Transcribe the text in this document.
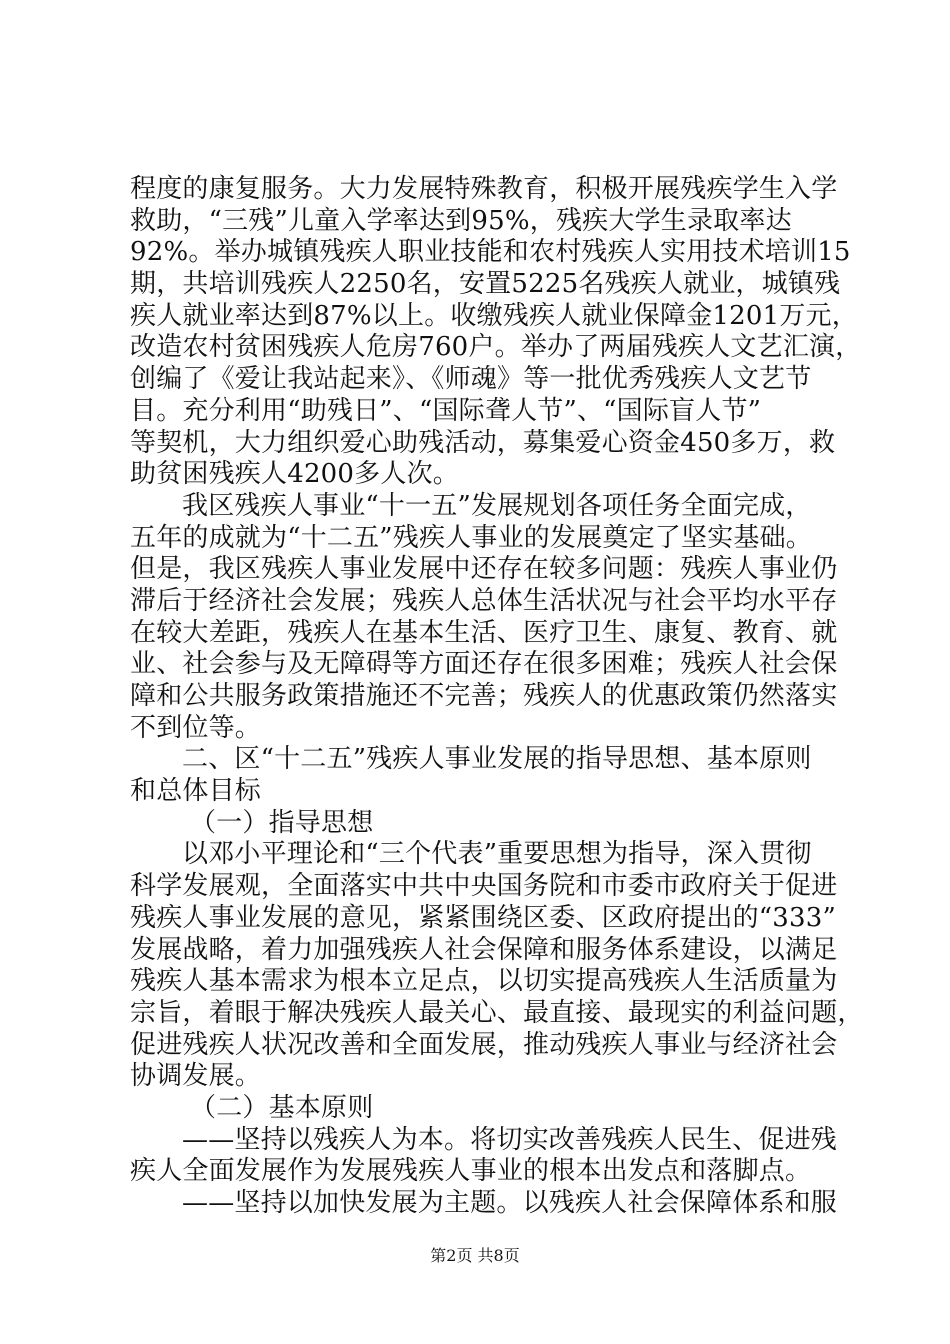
程度的康复服务。大力发展特殊教育，积极开展残疾学生入学
救助，“三残”儿童入学率达到95%，残疾大学生录取率达
92%。举办城镇残疾人职业技能和农村残疾人实用技术培训15
期，共培训残疾人2250名，安置5225名残疾人就业，城镇残
疾人就业率达到87%以上。收缴残疾人就业保障金1201万元，
改造农村贫困残疾人危房760户。举办了两届残疾人文艺汇演，
创编了《爱让我站起来》、《师魂》等一批优秀残疾人文艺节
目。充分利用“助残日”、“国际聋人节”、“国际盲人节”
等契机，大力组织爱心助残活动，募集爱心资金450多万，救
助贫困残疾人4200多人次。
我区残疾人事业“十一五”发展规划各项任务全面完成，
五年的成就为“十二五”残疾人事业的发展奠定了坚实基础。
但是，我区残疾人事业发展中还存在较多问题：残疾人事业仍
滞后于经济社会发展；残疾人总体生活状况与社会平均水平存
在较大差距，残疾人在基本生活、医疗卫生、康复、教育、就
业、社会参与及无障碍等方面还存在很多困难；残疾人社会保
障和公共服务政策措施还不完善；残疾人的优惠政策仍然落实
不到位等。
二、区“十二五”残疾人事业发展的指导思想、基本原则
和总体目标
（一）指导思想
以邓小平理论和“三个代表”重要思想为指导，深入贯彻
科学发展观，全面落实中共中央国务院和市委市政府关于促进
残疾人事业发展的意见，紧紧围绕区委、区政府提出的“333”
发展战略，着力加强残疾人社会保障和服务体系建设，以满足
残疾人基本需求为根本立足点，以切实提高残疾人生活质量为
宗旨，着眼于解决残疾人最关心、最直接、最现实的利益问题，
促进残疾人状况改善和全面发展，推动残疾人事业与经济社会
协调发展。
（二）基本原则
——坚持以残疾人为本。将切实改善残疾人民生、促进残
疾人全面发展作为发展残疾人事业的根本出发点和落脚点。
——坚持以加快发展为主题。以残疾人社会保障体系和服
第2页 共8页
